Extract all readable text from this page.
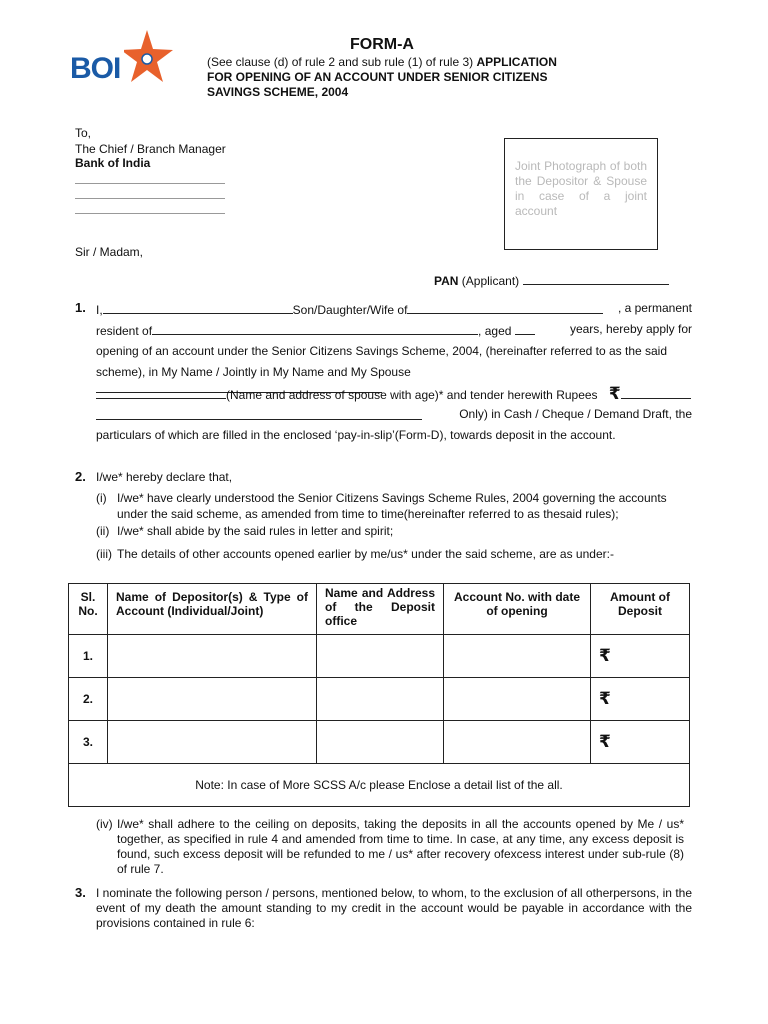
BOI
FORM-A
(See clause (d) of rule 2 and sub rule (1) of rule 3) APPLICATION
FOR OPENING OF AN ACCOUNT UNDER SENIOR CITIZENS
SAVINGS SCHEME, 2004
To,
The Chief / Branch Manager
Bank of India	Joint Photograph of both the Depositor & Spouse in case of a joint account
Sir / Madam,
PAN (Applicant)
1. I,	Son/Daughter/Wife of	, a permanent
resident of	, aged	years, hereby apply for
opening of an account under the Senior Citizens Savings Scheme, 2004, (hereinafter referred to as the said
scheme), in My Name / Jointly in My Name and My Spouse
(Name and address of spouse with age)* and tender herewith Rupees ₹
Only) in Cash / Cheque / Demand Draft, the
particulars of which are filled in the enclosed ‘pay-in-slip’(Form-D), towards deposit in the account.
2. I/we* hereby declare that,
(i) I/we* have clearly understood the Senior Citizens Savings Scheme Rules, 2004 governing the accounts
under the said scheme, as amended from time to time(hereinafter referred to as thesaid rules);
(ii) I/we* shall abide by the said rules in letter and spirit;
(iii) The details of other accounts opened earlier by me/us* under the said scheme, are as under:-
Sl. No.	Name of Depositor(s) & Type of Account (Individual/Joint)	Name and Address of the Deposit office	Account No. with date of opening	Amount of Deposit
1.				₹
2.				₹
3.				₹
Note: In case of More SCSS A/c please Enclose a detail list of the all.				
(iv) I/we* shall adhere to the ceiling on deposits, taking the deposits in all the accounts opened by Me / us* together, as specified in rule 4 and amended from time to time. In case, at any time, any excess deposit is found, such excess deposit will be refunded to me / us* after recovery ofexcess interest under sub-rule (8) of rule 7.
3. I nominate the following person / persons, mentioned below, to whom, to the exclusion of all otherpersons, in the event of my death the amount standing to my credit in the account would be payable in accordance with the provisions contained in rule 6:
